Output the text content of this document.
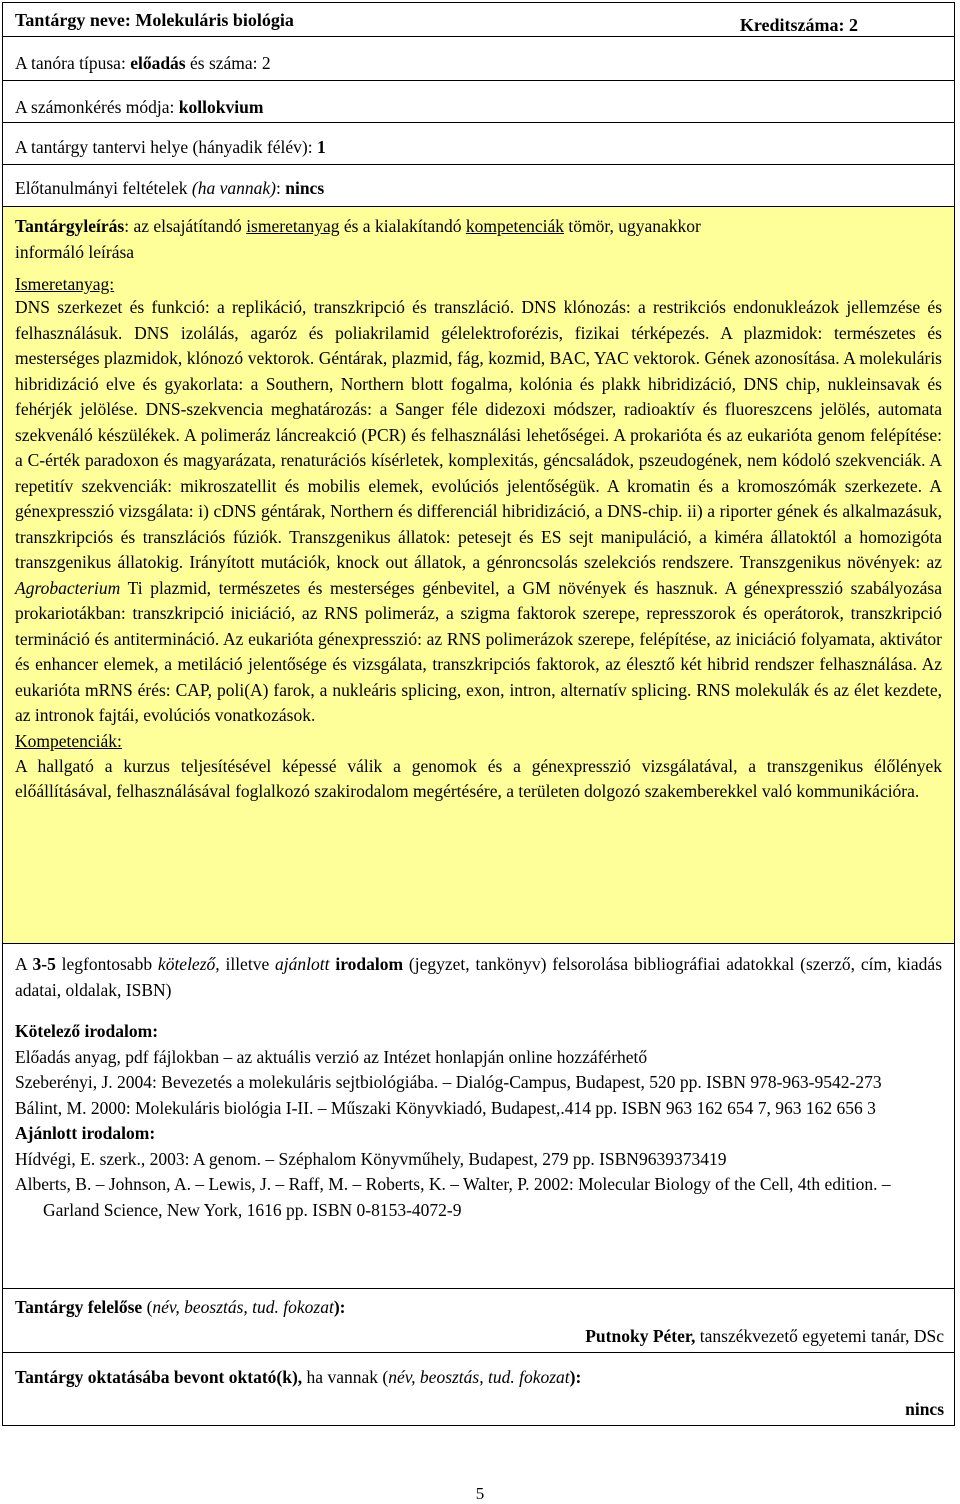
Tantárgy neve: Molekuláris biológia	Kreditszáma: 2
A tanóra típusa: előadás és száma: 2
A számonkérés módja: kollokvium
A tantárgy tantervi helye (hányadik félév): 1
Előtanulmányi feltételek (ha vannak): nincs
Tantárgyleírás: az elsajátítandó ismeretanyag és a kialakítandó kompetenciák tömör, ugyanakkor
informáló leírása
Ismeretanyag:
DNS szerkezet és funkció: a replikáció, transzkripció és transzláció. DNS klónozás: a restrikciós endonukleázok jellemzése és felhasználásuk. DNS izolálás, agaróz és poliakrilamid gélelektroforézis, fizikai térképezés. A plazmidok: természetes és mesterséges plazmidok, klónozó vektorok. Géntárak, plazmid, fág, kozmid, BAC, YAC vektorok. Gének azonosítása. A molekuláris hibridizáció elve és gyakorlata: a Southern, Northern blott fogalma, kolónia és plakk hibridizáció, DNS chip, nukleinsavak és fehérjék jelölése. DNS-szekvencia meghatározás: a Sanger féle didezoxi módszer, radioaktív és fluoreszcens jelölés, automata szekvenáló készülékek. A polimeráz láncreakció (PCR) és felhasználási lehetőségei. A prokarióta és az eukarióta genom felépítése: a C-érték paradoxon és magyarázata, renaturációs kísérletek, komplexitás, géncsaládok, pszeudogének, nem kódoló szekvenciák. A repetitív szekvenciák: mikroszatellit és mobilis elemek, evolúciós jelentőségük. A kromatin és a kromoszómák szerkezete. A génexpresszió vizsgálata: i) cDNS géntárak, Northern és differenciál hibridizáció, a DNS-chip. ii) a riporter gének és alkalmazásuk, transzkripciós és transzlációs fúziók. Transzgenikus állatok: petesejt és ES sejt manipuláció, a kiméra állatoktól a homozigóta transzgenikus állatokig. Irányított mutációk, knock out állatok, a génroncsolás szelekciós rendszere. Transzgenikus növények: az Agrobacterium Ti plazmid, természetes és mesterséges génbevitel, a GM növények és hasznuk. A génexpresszió szabályozása prokariotákban: transzkripció iniciáció, az RNS polimeráz, a szigma faktorok szerepe, represszorok és operátorok, transzkripció termináció és antitermináció. Az eukarióta génexpresszió: az RNS polimerázok szerepe, felépítése, az iniciáció folyamata, aktivátor és enhancer elemek, a metiláció jelentősége és vizsgálata, transzkripciós faktorok, az élesztő két hibrid rendszer felhasználása. Az eukarióta mRNS érés: CAP, poli(A) farok, a nukleáris splicing, exon, intron, alternatív splicing. RNS molekulák és az élet kezdete, az intronok fajtái, evolúciós vonatkozások.
Kompetenciák:
A hallgató a kurzus teljesítésével képessé válik a genomok és a génexpresszió vizsgálatával, a transzgenikus élőlények előállításával, felhasználásával foglalkozó szakirodalom megértésére, a területen dolgozó szakemberekkel való kommunikációra.
A 3-5 legfontosabb kötelező, illetve ajánlott irodalom (jegyzet, tankönyv) felsorolása bibliográfiai adatokkal (szerző, cím, kiadás adatai, oldalak, ISBN)
Kötelező irodalom:
Előadás anyag, pdf fájlokban – az aktuális verzió az Intézet honlapján online hozzáférhető
Szeberényi, J. 2004: Bevezetés a molekuláris sejtbiológiába. – Dialóg-Campus, Budapest, 520 pp. ISBN 978-963-9542-273
Bálint, M. 2000: Molekuláris biológia I-II. – Műszaki Könyvkiadó, Budapest,.414 pp. ISBN 963 162 654 7, 963 162 656 3
Ajánlott irodalom:
Hídvégi, E. szerk., 2003: A genom. – Széphalom Könyvműhely, Budapest, 279 pp. ISBN9639373419
Alberts, B. – Johnson, A. – Lewis, J. – Raff, M. – Roberts, K. – Walter, P. 2002: Molecular Biology of the Cell, 4th edition. – Garland Science, New York, 1616 pp. ISBN 0-8153-4072-9
Tantárgy felelőse (név, beosztás, tud. fokozat):
Putnoky Péter, tanszékvezető egyetemi tanár, DSc
Tantárgy oktatásába bevont oktató(k), ha vannak (név, beosztás, tud. fokozat):
nincs
5
